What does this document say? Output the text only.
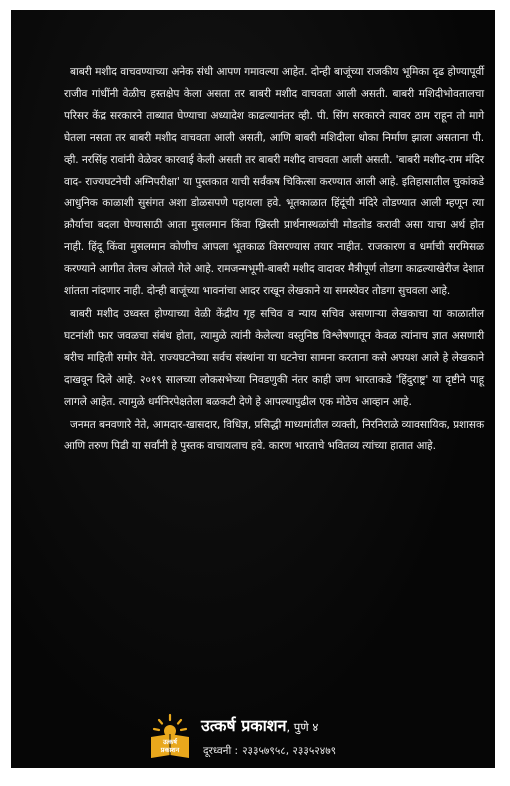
बाबरी मशीद वाचवण्याच्या अनेक संधी आपण गमावल्या आहेत. दोन्ही बाजूंच्या राजकीय भूमिका दृढ होण्यापूर्वी राजीव गांधींनी वेळीच हस्तक्षेप केला असता तर बाबरी मशीद वाचवता आली असती. बाबरी मशिदीभोवतालचा परिसर केंद्र सरकारने ताब्यात घेण्याचा अध्यादेश काढल्यानंतर व्ही. पी. सिंग सरकारने त्यावर ठाम राहून तो मागे घेतला नसता तर बाबरी मशीद वाचवता आली असती, आणि बाबरी मशिदीला धोका निर्माण झाला असताना पी. व्ही. नरसिंह रावांनी वेळेवर कारवाई केली असती तर बाबरी मशीद वाचवता आली असती. 'बाबरी मशीद-राम मंदिर वाद- राज्यघटनेची अग्निपरीक्षा' या पुस्तकात याची सर्वंकष चिकित्सा करण्यात आली आहे. इतिहासातील चुकांकडे आधुनिक काळाशी सुसंगत अशा डोळसपणे पहायला हवे. भूतकाळात हिंदूंची मंदिरे तोडण्यात आली म्हणून त्या क्रौर्याचा बदला घेण्यासाठी आता मुसलमान किंवा ख्रिस्ती प्रार्थनास्थळांची मोडतोड करावी असा याचा अर्थ होत नाही. हिंदू किंवा मुसलमान कोणीच आपला भूतकाळ विसरण्यास तयार नाहीत. राजकारण व धर्माची सरमिसळ करण्याने आगीत तेलच ओतले गेले आहे. रामजन्मभूमी-बाबरी मशीद वादावर मैत्रीपूर्ण तोडगा काढल्याखेरीज देशात शांतता नांदणार नाही. दोन्ही बाजूंच्या भावनांचा आदर राखून लेखकाने या समस्येवर तोडगा सुचवला आहे.

बाबरी मशीद उध्वस्त होण्याच्या वेळी केंद्रीय गृह सचिव व न्याय सचिव असणाऱ्या लेखकाचा या काळातील घटनांशी फार जवळचा संबंध होता, त्यामुळे त्यांनी केलेल्या वस्तुनिष्ठ विश्लेषणातून केवळ त्यांनाच ज्ञात असणारी बरीच माहिती समोर येते. राज्यघटनेच्या सर्वच संस्थांना या घटनेचा सामना करताना कसे अपयश आले हे लेखकाने दाखवून दिले आहे. २०१९ सालच्या लोकसभेच्या निवडणुकी नंतर काही जण भारताकडे 'हिंदुराष्ट्र' या दृष्टीने पाहू लागले आहेत. त्यामुळे धर्मनिरपेक्षतेला बळकटी देणे हे आपल्यापुढील एक मोठेच आव्हान आहे.

जनमत बनवणारे नेते, आमदार-खासदार, विधिज्ञ, प्रसिद्धी माध्यमांतील व्यक्ती, निरनिराळे व्यावसायिक, प्रशासक आणि तरुण पिढी या सर्वांनी हे पुस्तक वाचायलाच हवे. कारण भारताचे भवितव्य त्यांच्या हातात आहे.

उत्कर्ष
प्रकाशन
उत्कर्ष प्रकाशन, पुणे ४
दूरध्वनी : २३३५७९५८, २३३५२४७९
